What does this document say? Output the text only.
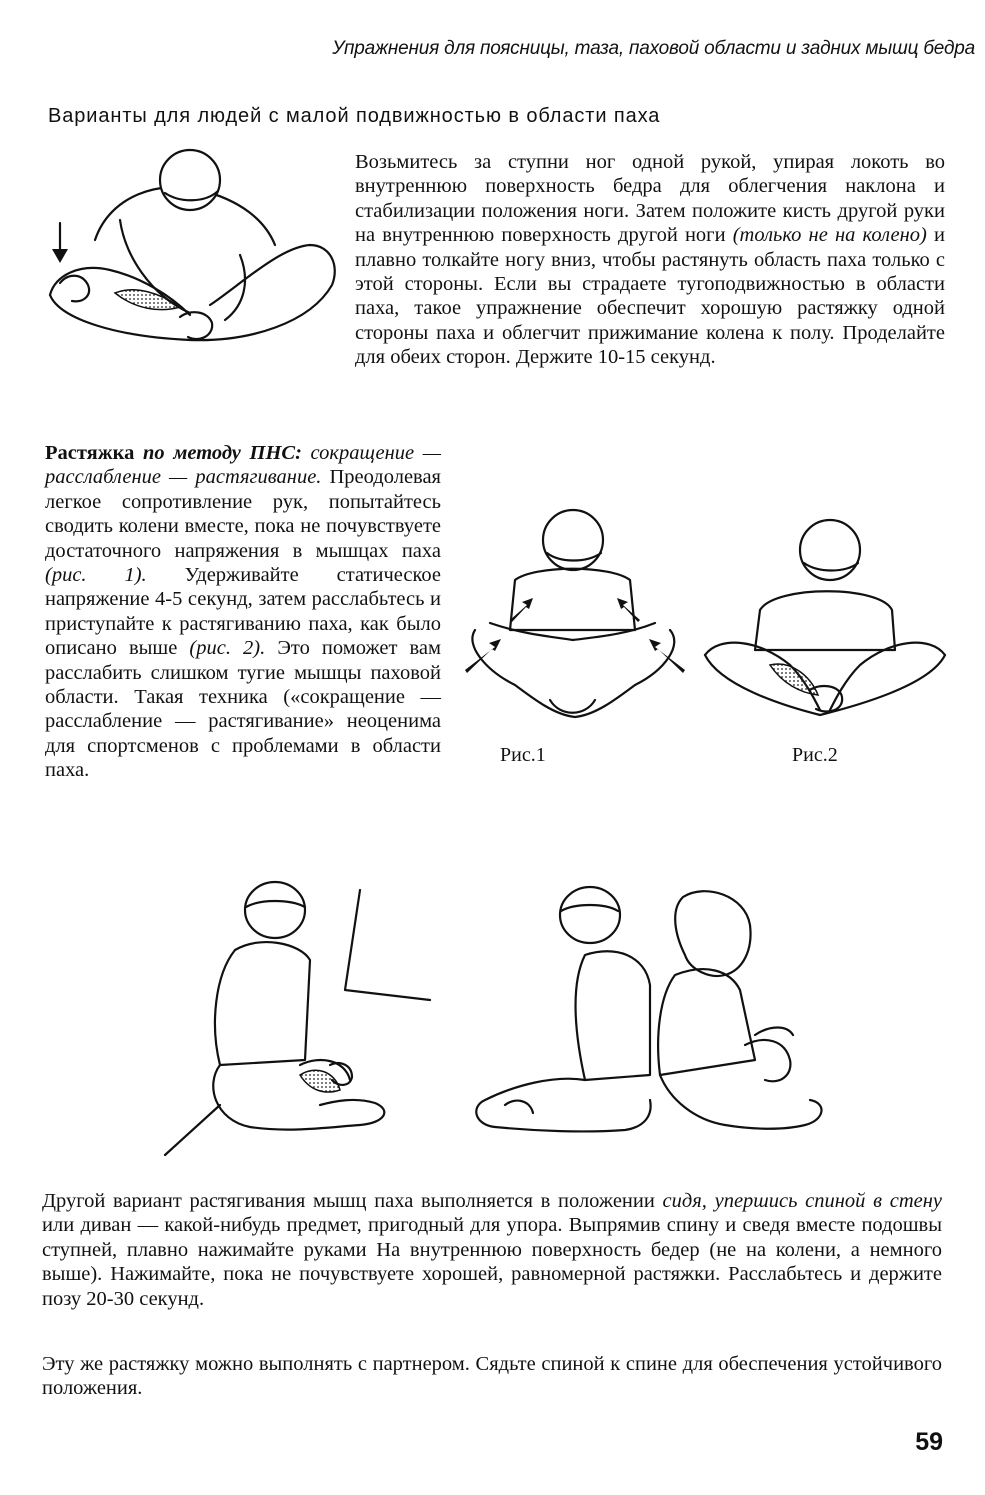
Упражнения для поясницы, таза, паховой области и задних мышц бедра
Варианты для людей с малой подвижностью в области паха

Возьмитесь за ступни ног одной рукой, упирая локоть во внутреннюю поверхность бедра для облегчения наклона и стабилизации положения ноги. Затем положите кисть другой руки на внутреннюю поверхность другой ноги (только не на колено) и плавно толкайте ногу вниз, чтобы растянуть область паха только с этой стороны. Если вы страдаете тугоподвижностью в области паха, такое упражнение обеспечит хорошую растяжку одной стороны паха и облегчит прижимание колена к полу. Проделайте для обеих сторон. Держите 10-15 секунд.

Растяжка по методу ПНС: сокращение — расслабление — растягивание. Преодолевая легкое сопротивление рук, попытайтесь сводить колени вместе, пока не почувствуете достаточного напряжения в мышцах паха (рис. 1). Удерживайте статическое напряжение 4-5 секунд, затем расслабьтесь и приступайте к растягиванию паха, как было описано выше (рис. 2). Это поможет вам расслабить слишком тугие мышцы паховой области. Такая техника («сокращение — расслабление — растягивание» неоценима для спортсменов с проблемами в области паха.

Рис.1	Рис.2

Другой вариант растягивания мышц паха выполняется в положении сидя, упершись спиной в стену или диван — какой-нибудь предмет, пригодный для упора. Выпрямив спину и сведя вместе подошвы ступней, плавно нажимайте руками На внутреннюю поверхность бедер (не на колени, а немного выше). Нажимайте, пока не почувствуете хорошей, равномерной растяжки. Расслабьтесь и держите позу 20-30 секунд.

Эту же растяжку можно выполнять с партнером. Сядьте спиной к спине для обеспечения устойчивого положения.

59
